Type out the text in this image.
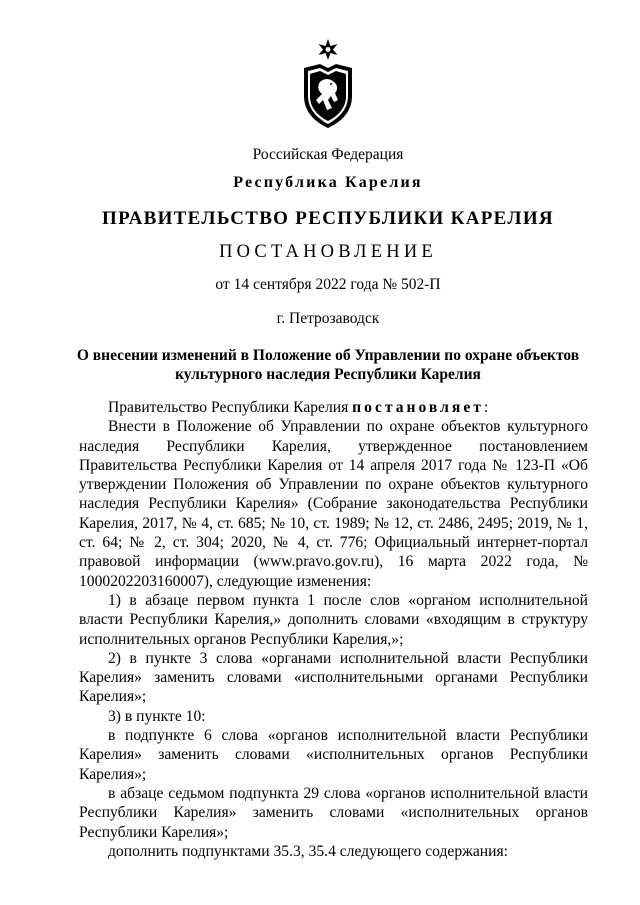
Российская Федерация
Республика Карелия
ПРАВИТЕЛЬСТВО РЕСПУБЛИКИ КАРЕЛИЯ
ПОСТАНОВЛЕНИЕ
от 14 сентября 2022 года № 502-П
г. Петрозаводск
О внесении изменений в Положение об Управлении по охране объектов
культурного наследия Республики Карелия

Правительство Республики Карелия постановляет:

Внести в Положение об Управлении по охране объектов культурного наследия Республики Карелия, утвержденное постановлением Правительства Республики Карелия от 14 апреля 2017 года № 123-П «Об утверждении Положения об Управлении по охране объектов культурного наследия Республики Карелия» (Собрание законодательства Республики Карелия, 2017, № 4, ст. 685; № 10, ст. 1989; № 12, ст. 2486, 2495; 2019, № 1, ст. 64; № 2, ст. 304; 2020, № 4, ст. 776; Официальный интернет-портал правовой информации (www.pravo.gov.ru), 16 марта 2022 года, № 1000202203160007), следующие изменения:

1) в абзаце первом пункта 1 после слов «органом исполнительной власти Республики Карелия,» дополнить словами «входящим в структуру исполнительных органов Республики Карелия,»;

2) в пункте 3 слова «органами исполнительной власти Республики Карелия» заменить словами «исполнительными органами Республики Карелия»;

3) в пункте 10:

в подпункте 6 слова «органов исполнительной власти Республики Карелия» заменить словами «исполнительных органов Республики Карелия»;

в абзаце седьмом подпункта 29 слова «органов исполнительной власти Республики Карелия» заменить словами «исполнительных органов Республики Карелия»;

дополнить подпунктами 35.3, 35.4 следующего содержания:
